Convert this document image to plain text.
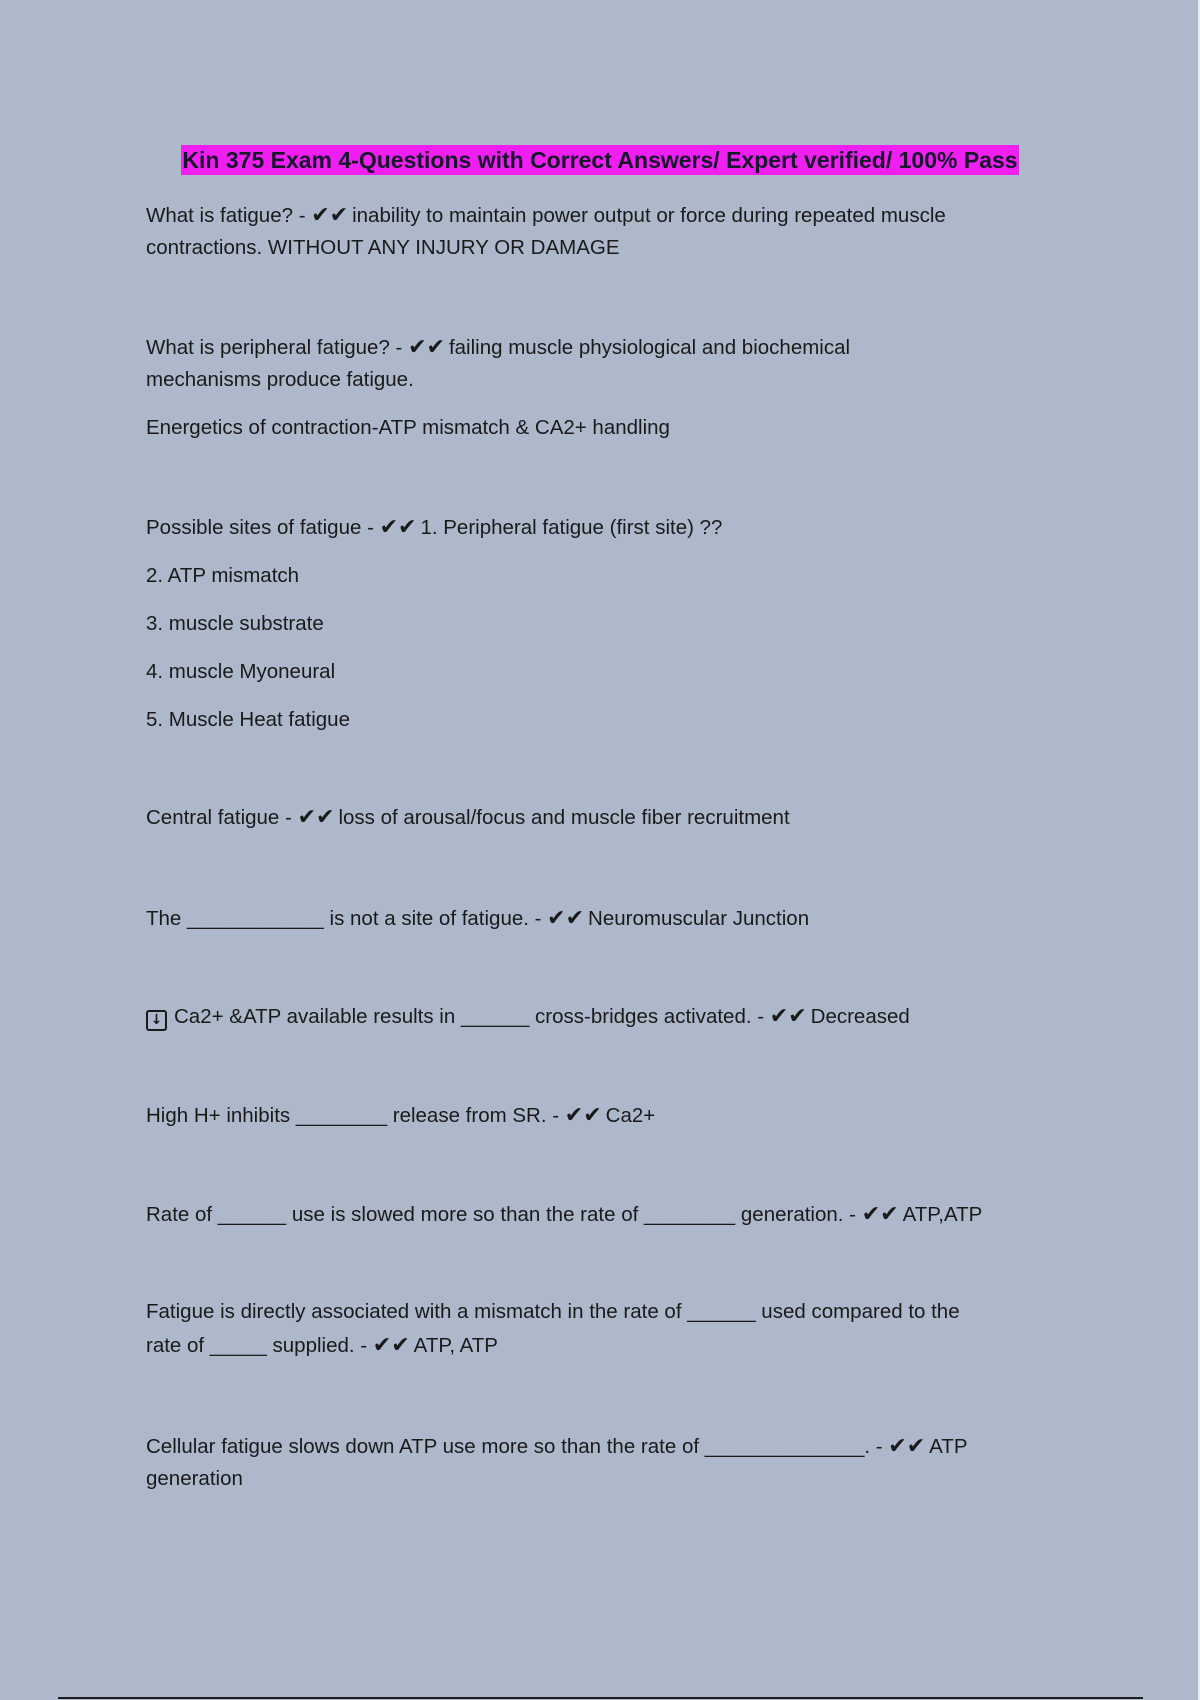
Kin 375 Exam 4-Questions with Correct Answers/ Expert verified/ 100% Pass
What is fatigue? - ✔✔ inability to maintain power output or force during repeated muscle
contractions. WITHOUT ANY INJURY OR DAMAGE
What is peripheral fatigue? - ✔✔ failing muscle physiological and biochemical
mechanisms produce fatigue.
Energetics of contraction-ATP mismatch & CA2+ handling
Possible sites of fatigue - ✔✔ 1. Peripheral fatigue (first site) ??
2. ATP mismatch
3. muscle substrate
4. muscle Myoneural
5. Muscle Heat fatigue
Central fatigue - ✔✔ loss of arousal/focus and muscle fiber recruitment
The ____________ is not a site of fatigue. - ✔✔ Neuromuscular Junction
↓ Ca2+ &ATP available results in ______ cross-bridges activated. - ✔✔ Decreased
High H+ inhibits ________ release from SR. - ✔✔ Ca2+
Rate of ______ use is slowed more so than the rate of ________ generation. - ✔✔ ATP,ATP
Fatigue is directly associated with a mismatch in the rate of ______ used compared to the
rate of _____ supplied. - ✔✔ ATP, ATP
Cellular fatigue slows down ATP use more so than the rate of ______________. - ✔✔ ATP
generation
